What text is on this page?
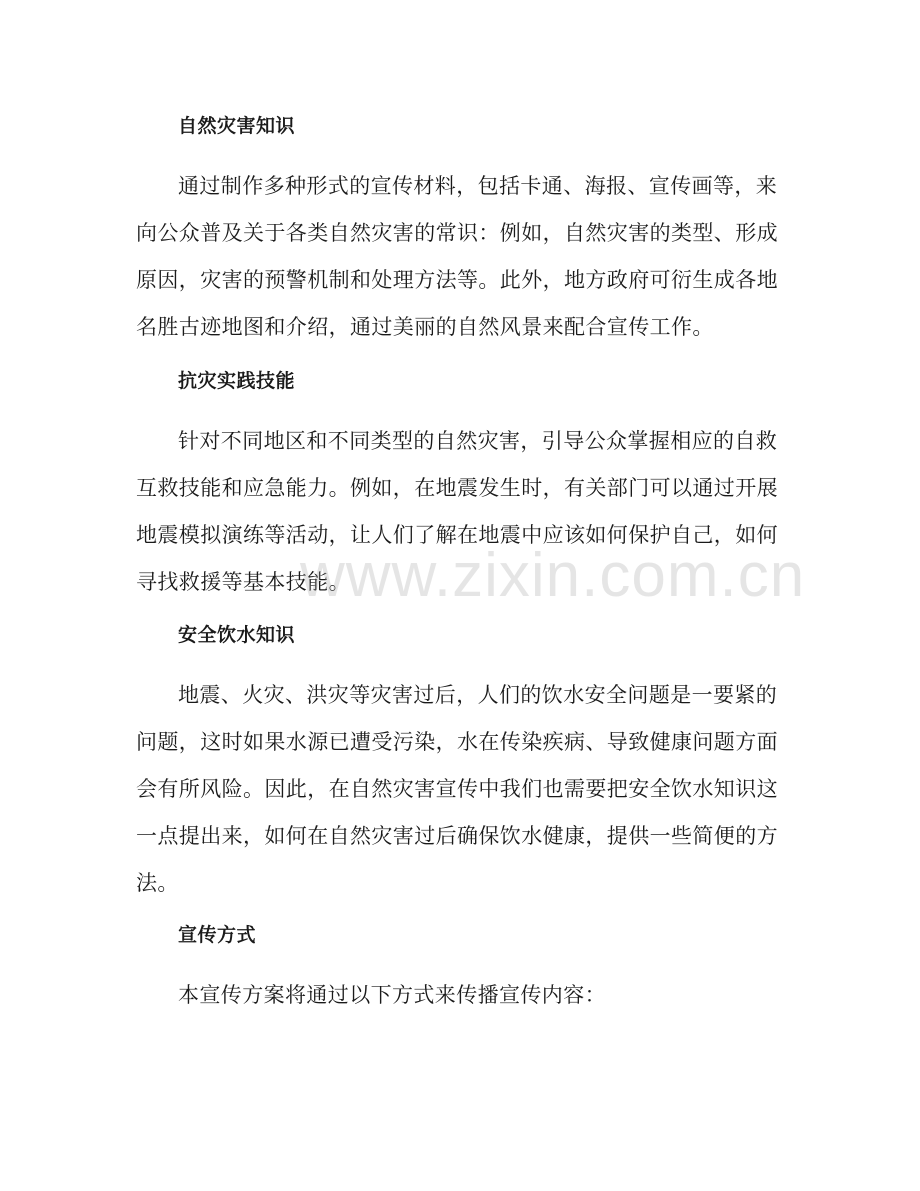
自然灾害知识

通过制作多种形式的宣传材料，包括卡通、海报、宣传画等，来
向公众普及关于各类自然灾害的常识：例如，自然灾害的类型、形成
原因，灾害的预警机制和处理方法等。此外，地方政府可衍生成各地
名胜古迹地图和介绍，通过美丽的自然风景来配合宣传工作。

抗灾实践技能

针对不同地区和不同类型的自然灾害，引导公众掌握相应的自救
互救技能和应急能力。例如，在地震发生时，有关部门可以通过开展
地震模拟演练等活动，让人们了解在地震中应该如何保护自己，如何
寻找救援等基本技能。

安全饮水知识

地震、火灾、洪灾等灾害过后，人们的饮水安全问题是一要紧的
问题，这时如果水源已遭受污染，水在传染疾病、导致健康问题方面
会有所风险。因此，在自然灾害宣传中我们也需要把安全饮水知识这
一点提出来，如何在自然灾害过后确保饮水健康，提供一些简便的方
法。

宣传方式

本宣传方案将通过以下方式来传播宣传内容：

www.zixin.com.cn
